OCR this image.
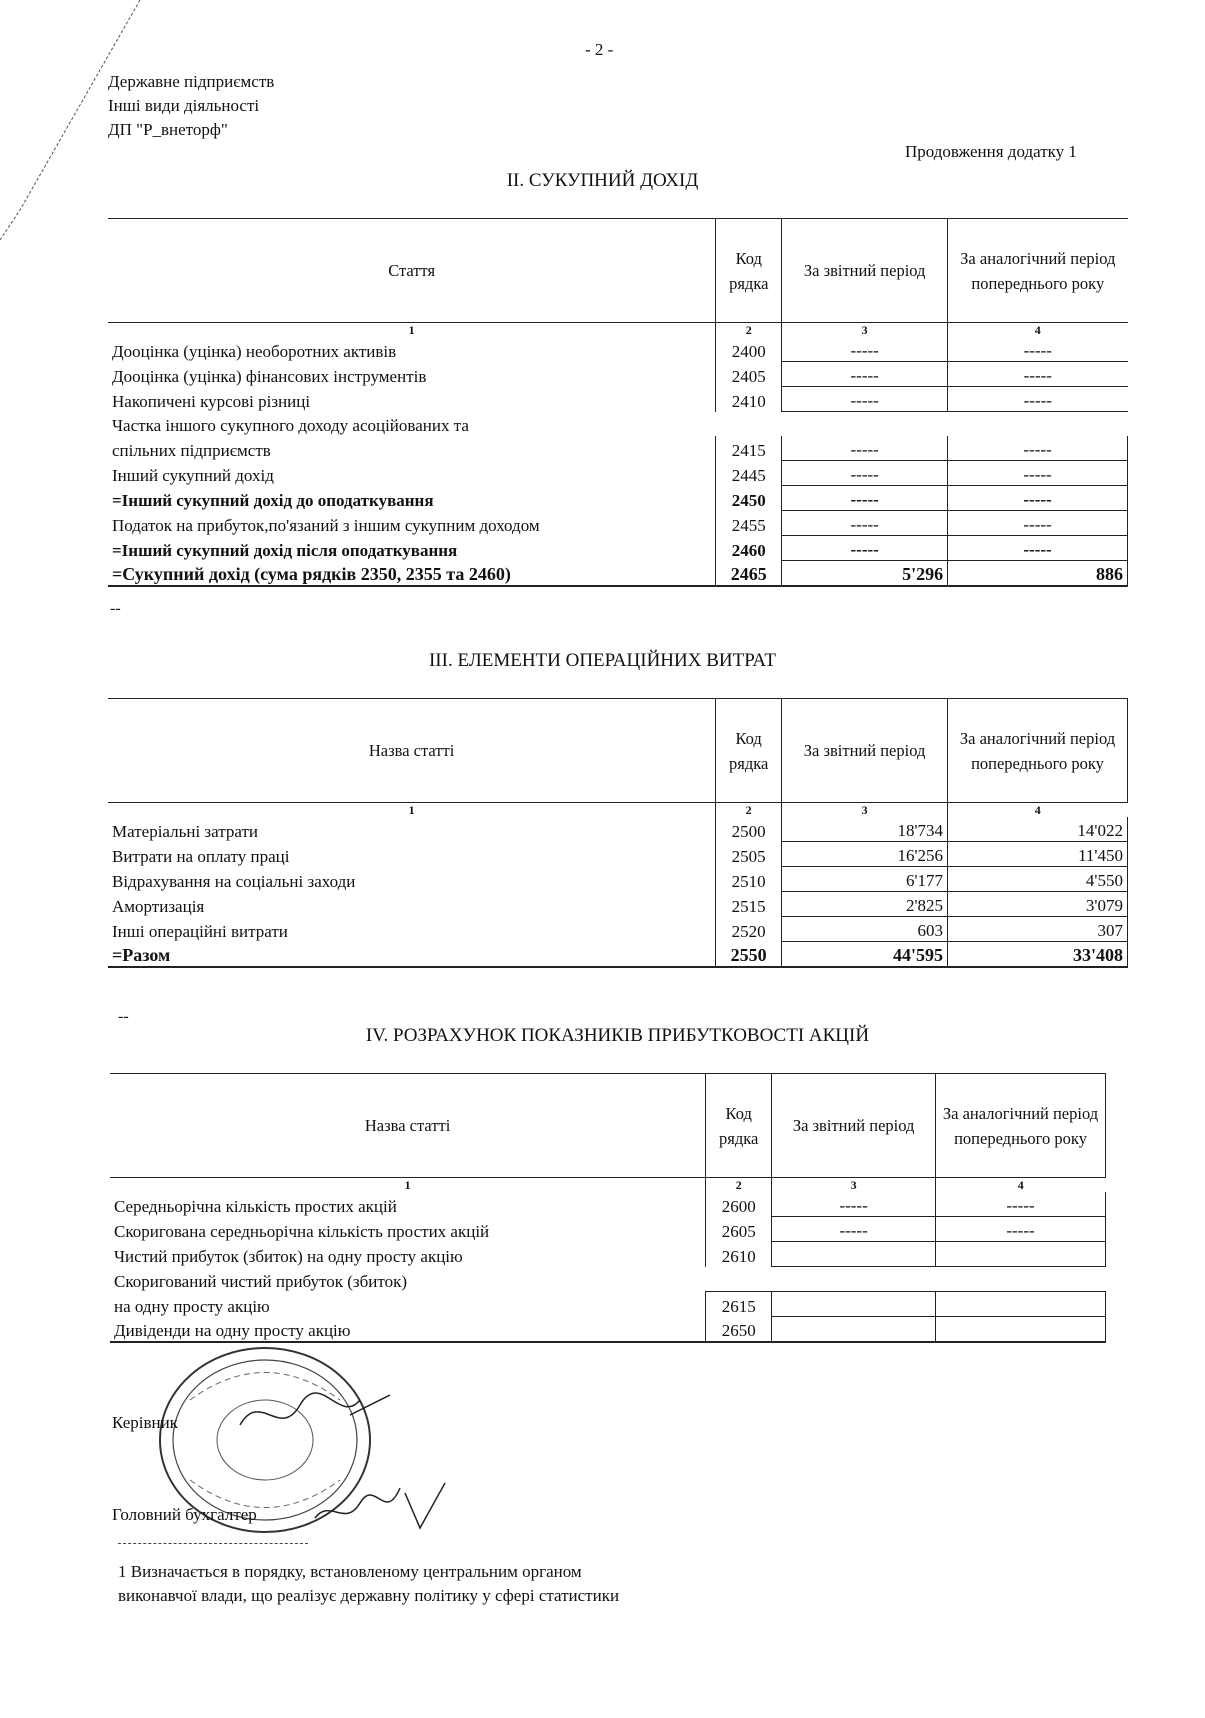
- 2 -
Державне підприємств
Інші види діяльності
ДП "Р_внеторф"
Продовження додатку 1
ІІ. СУКУПНИЙ ДОХІД
Стаття	Код рядка	За звітний період	За аналогічний період попереднього року
1	2	3	4
Дооцінка (уцінка) необоротних активів	2400	-----	-----
Дооцінка (уцінка) фінансових інструментів	2405	-----	-----
Накопичені курсові різниці	2410	-----	-----
Частка іншого сукупного доходу асоційованих та			
спільних підприємств	2415	-----	-----
Інший сукупний дохід	2445	-----	-----
=Інший сукупний дохід до оподаткування	2450	-----	-----
Податок на прибуток,по'язаний з іншим сукупним доходом	2455	-----	-----
=Інший сукупний дохід після оподаткування	2460	-----	-----
=Сукупний дохід (сума рядків 2350, 2355 та 2460)	2465	5'296	886
--
ІІІ. ЕЛЕМЕНТИ ОПЕРАЦІЙНИХ ВИТРАТ
Назва статті	Код рядка	За звітний період	За аналогічний період попереднього року
1	2	3	4
Матеріальні затрати	2500	18'734	14'022
Витрати на оплату праці	2505	16'256	11'450
Відрахування на соціальні заходи	2510	6'177	4'550
Амортизація	2515	2'825	3'079
Інші операційні витрати	2520	603	307
=Разом	2550	44'595	33'408
--
IV. РОЗРАХУНОК ПОКАЗНИКІВ ПРИБУТКОВОСТІ АКЦІЙ
Назва статті	Код рядка	За звітний період	За аналогічний період попереднього року
1	2	3	4
Середньорічна кількість простих акцій	2600	-----	-----
Скоригована середньорічна кількість простих акцій	2605	-----	-----
Чистий прибуток (збиток) на одну просту акцію	2610		
Скоригований чистий прибуток (збиток)			
на одну просту акцію	2615		
Дивіденди на одну просту акцію	2650		
Керівник
Головний бухгалтер
1 Визначається в порядку, встановленому центральним органом
виконавчої влади, що реалізує державну політику у сфері статистики
